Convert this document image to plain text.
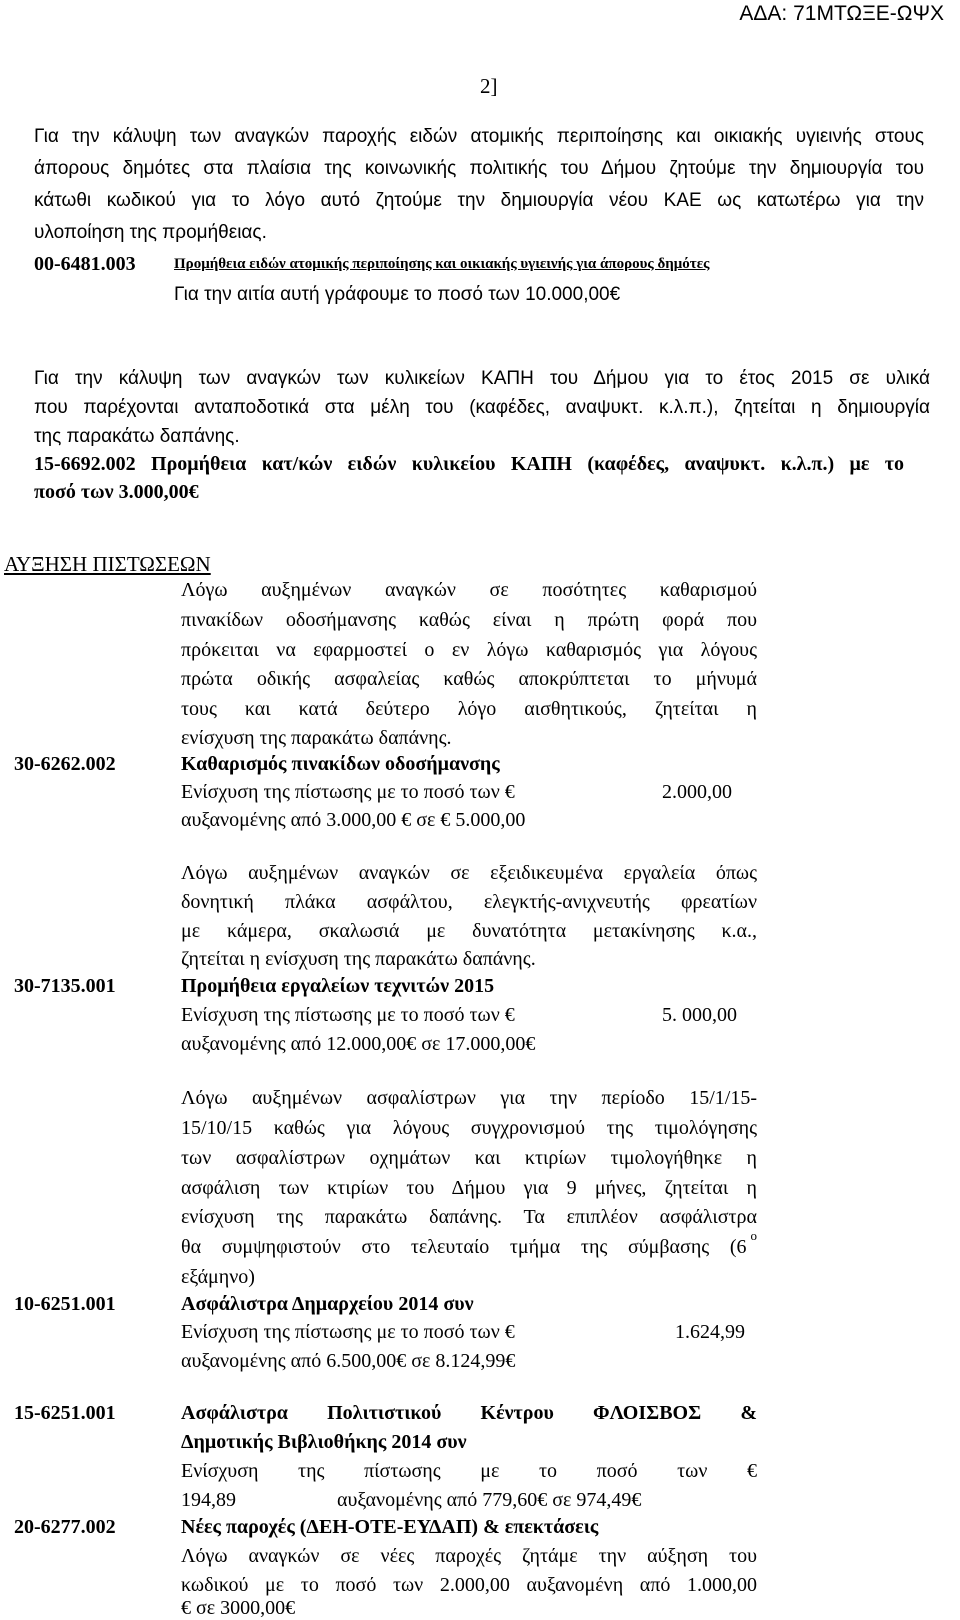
ΑΔΑ: 71ΜΤΩΞΕ-ΩΨΧ
2]
Για την κάλυψη των αναγκών παροχής ειδών ατομικής περιποίησης και οικιακής υγιεινής στους
άπορους δημότες στα πλαίσια της κοινωνικής πολιτικής του Δήμου ζητούμε την δημιουργία του
κάτωθι κωδικού για το λόγο αυτό ζητούμε την δημιουργία νέου ΚΑΕ ως κατωτέρω για την
υλοποίηση της προμήθειας.
00-6481.003	Προμήθεια ειδών ατομικής περιποίησης και οικιακής υγιεινής για άπορους δημότες
Για την αιτία αυτή γράφουμε το ποσό των 10.000,00€
Για την κάλυψη των αναγκών των κυλικείων ΚΑΠΗ του Δήμου για το έτος 2015 σε υλικά
που παρέχονται ανταποδοτικά στα μέλη του (καφέδες, αναψυκτ. κ.λ.π.), ζητείται η δημιουργία
της παρακάτω δαπάνης.
15-6692.002 Προμήθεια κατ/κών ειδών κυλικείου ΚΑΠΗ (καφέδες, αναψυκτ. κ.λ.π.) με το
ποσό των 3.000,00€
ΑΥΞΗΣΗ ΠΙΣΤΩΣΕΩΝ
Λόγω αυξημένων αναγκών σε ποσότητες καθαρισμού
πινακίδων οδοσήμανσης καθώς είναι η πρώτη φορά που
πρόκειται να εφαρμοστεί ο εν λόγω καθαρισμός για λόγους
πρώτα οδικής ασφαλείας καθώς αποκρύπτεται το μήνυμά
τους και κατά δεύτερο λόγο αισθητικούς, ζητείται η
ενίσχυση της παρακάτω δαπάνης.
30-6262.002	Καθαρισμός πινακίδων οδοσήμανσης
Ενίσχυση της πίστωσης με το ποσό των €	2.000,00
αυξανομένης από 3.000,00 € σε € 5.000,00
Λόγω αυξημένων αναγκών σε εξειδικευμένα εργαλεία όπως
δονητική πλάκα ασφάλτου, ελεγκτής-ανιχνευτής φρεατίων
με κάμερα, σκαλωσιά με δυνατότητα μετακίνησης κ.α.,
ζητείται η ενίσχυση της παρακάτω δαπάνης.
30-7135.001	Προμήθεια εργαλείων τεχνιτών 2015
Ενίσχυση της πίστωσης με το ποσό των €	5. 000,00
αυξανομένης από 12.000,00€ σε 17.000,00€
Λόγω αυξημένων ασφαλίστρων για την περίοδο 15/1/15-
15/10/15 καθώς για λόγους συγχρονισμού της τιμολόγησης
των ασφαλίστρων οχημάτων και κτιρίων τιμολογήθηκε η
ασφάλιση των κτιρίων του Δήμου για 9 μήνες, ζητείται η
ενίσχυση της παρακάτω δαπάνης. Τα επιπλέον ασφάλιστρα
θα συμψηφιστούν στο τελευταίο τμήμα της σύμβασης (6
ο
εξάμηνο)
10-6251.001	Ασφάλιστρα Δημαρχείου 2014 συν
Ενίσχυση της πίστωσης με το ποσό των €	1.624,99
αυξανομένης από 6.500,00€ σε 8.124,99€
15-6251.001	Ασφάλιστρα Πολιτιστικού Κέντρου ΦΛΟΙΣΒΟΣ &
Δημοτικής Βιβλιοθήκης 2014 συν
Ενίσχυση της πίστωσης με το ποσό των €
194,89	αυξανομένης από 779,60€ σε 974,49€
20-6277.002	Νέες παροχές (ΔΕΗ-ΟΤΕ-ΕΥΔΑΠ) & επεκτάσεις
Λόγω αναγκών σε νέες παροχές ζητάμε την αύξηση του
κωδικού με το ποσό των 2.000,00 αυξανομένη από 1.000,00
€ σε 3000,00€
